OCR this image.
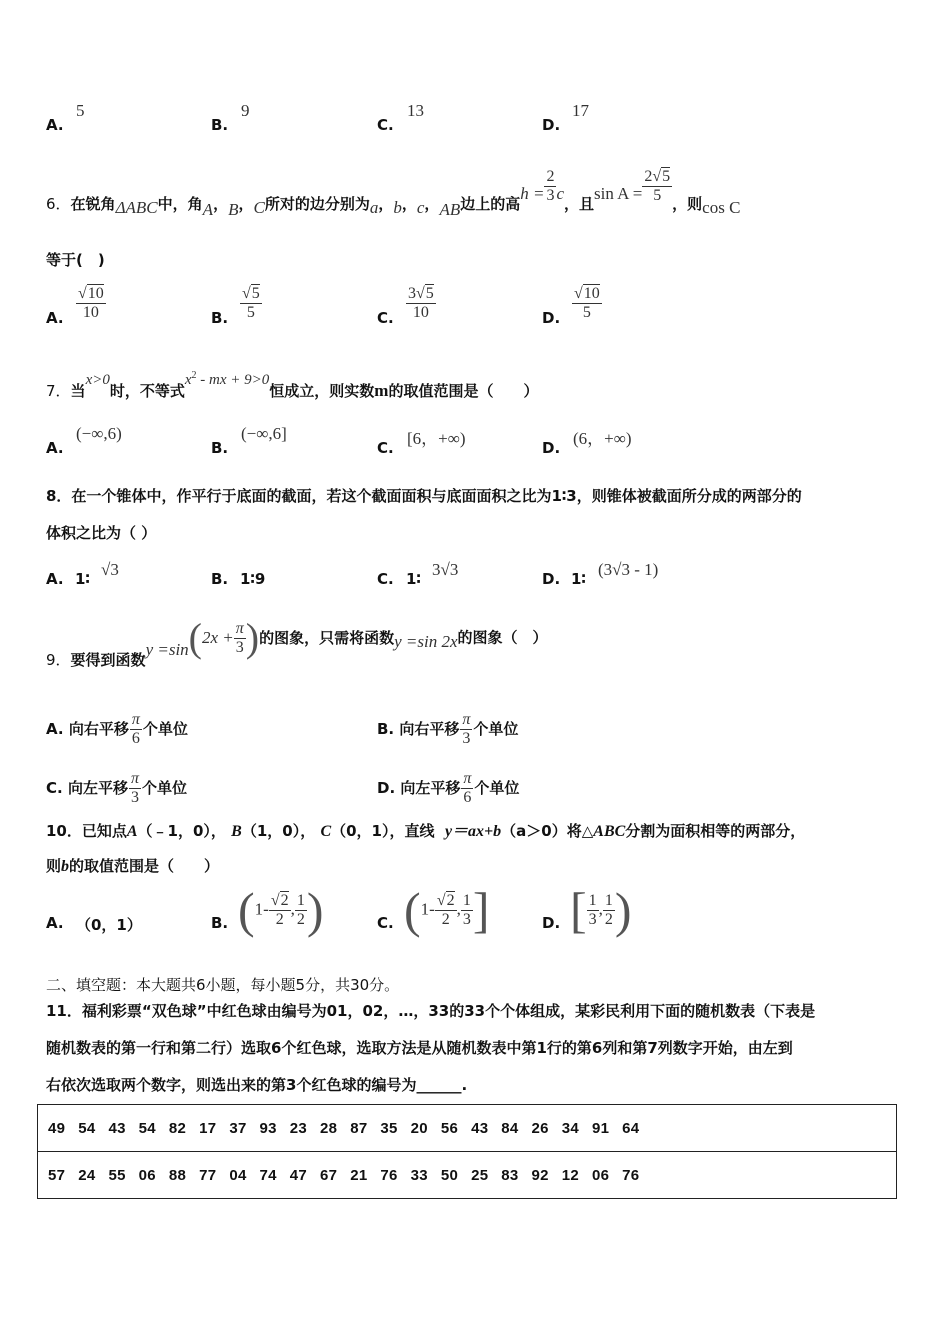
A.
5
B.
9
C.
13
D.
17
6．在锐角ΔABC中，角A，B，C所对的边分别为a，b，c，AB边上的高$h = \frac{2}{3}$ c，且$\sin A = \frac{2√5}{5}$ ，则cos C
等于(　)
A. $\frac{√10}{10}$	B. $\frac{√5}{5}$	C. $\frac{3√5}{10}$	D. $\frac{√10}{5}$
7．当x>0时，不等式$x^2$ - mx + 9>0恒成立，则实数m的取值范围是（　　）
A.
(−∞,6)
B.
(−∞,6]
C. [6，+∞)	D. (6，+∞)
8．在一个锥体中，作平行于底面的截面，若这个截面面积与底面面积之比为1∶3，则锥体被截面所分成的两部分的
体积之比为（ ）
A. 1∶ √3	B. 1∶9	C. 1∶ 3√3	D. 1∶ (3√3 - 1)
9．要得到函数$y =\sin(2x + \frac{\pi}{3}$ )的图象，只需将函数y =sin 2x的图象（　）
A. 向右平移 $\frac{\pi}{6}$ 个单位	B. 向右平移 $\frac{\pi}{3}$ 个单位
C. 向左平移 $\frac{\pi}{3}$ 个单位	D. 向左平移 $\frac{\pi}{6}$ 个单位
10．已知点A（﹣1，0）， B（1，0）， C（0，1），直线 y＝ax+b（a＞0）将△ABC分割为面积相等的两部分，
则b的取值范围是（　　）
A. （0，1）	B. ($1- \frac{√2}{2}$ , $\frac{1}{2}$ )	C. ($1- \frac{√2}{2}$ , $\frac{1}{3}$ ]	D. [ $\frac{1}{3}$ , $\frac{1}{2}$ )
二、填空题：本大题共6小题，每小题5分，共30分。
11．福利彩票“双色球”中红色球由编号为01，02，…，33的33个个体组成，某彩民利用下面的随机数表（下表是
随机数表的第一行和第二行）选取6个红色球，选取方法是从随机数表中第1行的第6列和第7列数字开始，由左到
右依次选取两个数字，则选出来的第3个红色球的编号为______.
49  54  43  54  82  17  37  93  23  28  87  35  20  56  43  84  26  34  91  64
57  24  55  06  88  77  04  74  47  67  21  76  33  50  25  83  92  12  06  76
